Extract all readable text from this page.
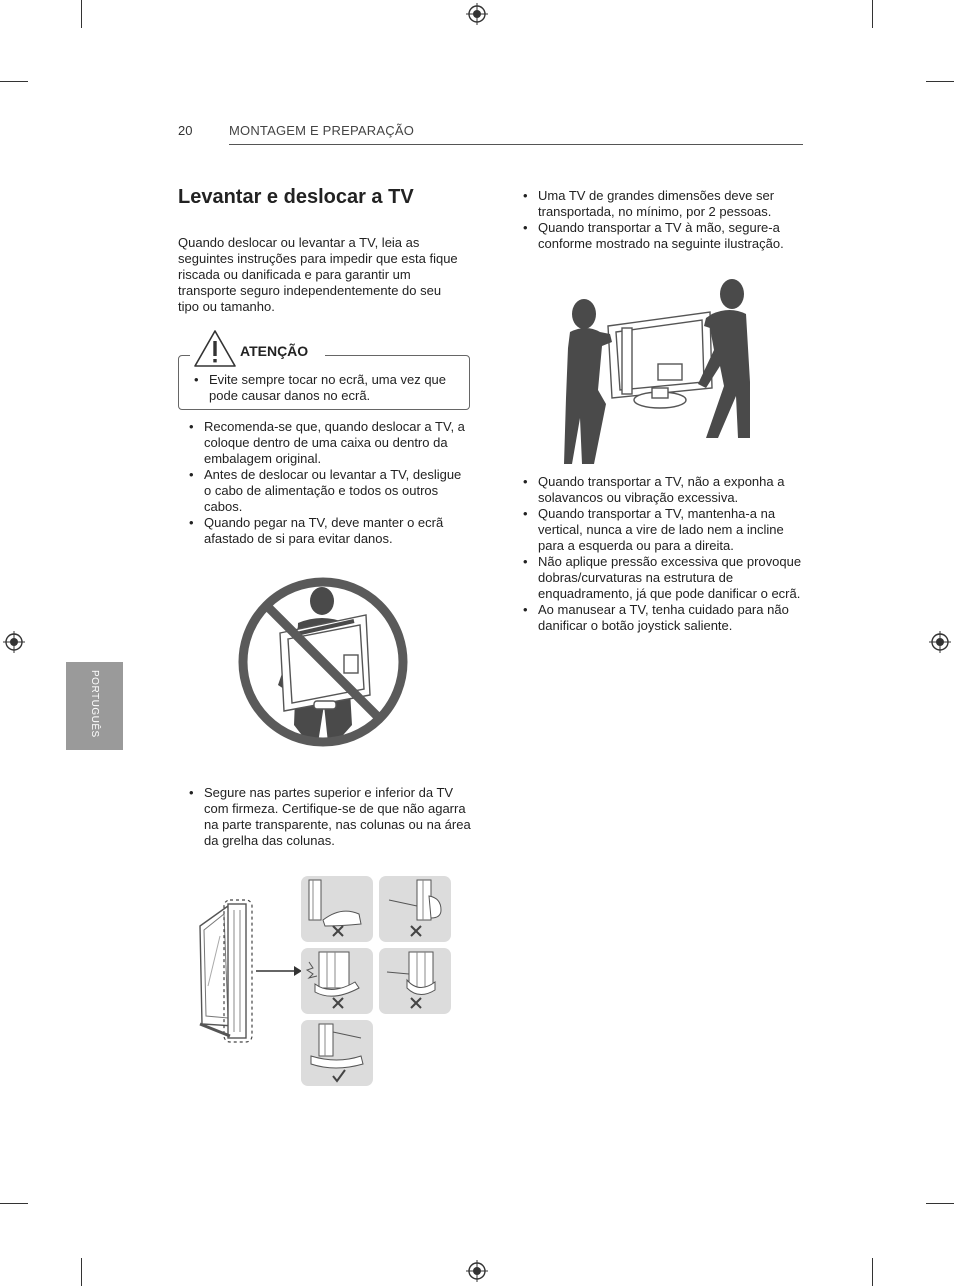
20	MONTAGEM E PREPARAÇÃO
Levantar e deslocar a TV
Quando deslocar ou levantar a TV, leia as seguintes instruções para impedir que esta fique riscada ou danificada e para garantir um transporte seguro independentemente do seu tipo ou tamanho.
ATENÇÃO
• Evite sempre tocar no ecrã, uma vez que pode causar danos no ecrã.
• Recomenda-se que, quando deslocar a TV, a coloque dentro de uma caixa ou dentro da embalagem original.
• Antes de deslocar ou levantar a TV, desligue o cabo de alimentação e todos os outros cabos.
• Quando pegar na TV, deve manter o ecrã afastado de si para evitar danos.
• Segure nas partes superior e inferior da TV com firmeza. Certifique-se de que não agarra na parte transparente, nas colunas ou na área da grelha das colunas.
• Uma TV de grandes dimensões deve ser transportada, no mínimo, por 2 pessoas.
• Quando transportar a TV à mão, segure-a conforme mostrado na seguinte ilustração.
• Quando transportar a TV, não a exponha a solavancos ou vibração excessiva.
• Quando transportar a TV, mantenha-a na vertical, nunca a vire de lado nem a incline para a esquerda ou para a direita.
• Não aplique pressão excessiva que provoque dobras/curvaturas na estrutura de enquadramento, já que pode danificar o ecrã.
• Ao manusear a TV, tenha cuidado para não danificar o botão joystick saliente.
PORTUGUÊS
